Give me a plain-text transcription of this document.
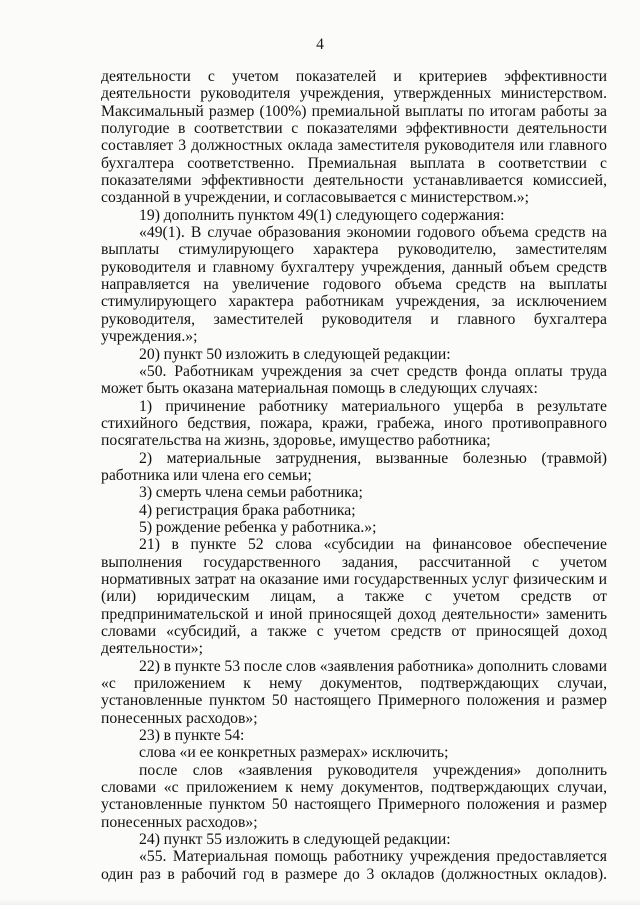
4

деятельности с учетом показателей и критериев эффективности деятельности руководителя учреждения, утвержденных министерством. Максимальный размер (100%) премиальной выплаты по итогам работы за полугодие в соответствии с показателями эффективности деятельности составляет 3 должностных оклада заместителя руководителя или главного бухгалтера соответственно. Премиальная выплата в соответствии с показателями эффективности деятельности устанавливается комиссией, созданной в учреждении, и согласовывается с министерством.»;

19) дополнить пунктом 49(1) следующего содержания:

«49(1). В случае образования экономии годового объема средств на выплаты стимулирующего характера руководителю, заместителям руководителя и главному бухгалтеру учреждения, данный объем средств направляется на увеличение годового объема средств на выплаты стимулирующего характера работникам учреждения, за исключением руководителя, заместителей руководителя и главного бухгалтера учреждения.»;

20) пункт 50 изложить в следующей редакции:

«50. Работникам учреждения за счет средств фонда оплаты труда может быть оказана материальная помощь в следующих случаях:

1) причинение работнику материального ущерба в результате стихийного бедствия, пожара, кражи, грабежа, иного противоправного посягательства на жизнь, здоровье, имущество работника;

2) материальные затруднения, вызванные болезнью (травмой) работника или члена его семьи;

3) смерть члена семьи работника;

4) регистрация брака работника;

5) рождение ребенка у работника.»;

21) в пункте 52 слова «субсидии на финансовое обеспечение выполнения государственного задания, рассчитанной с учетом нормативных затрат на оказание ими государственных услуг физическим и (или) юридическим лицам, а также с учетом средств от предпринимательской и иной приносящей доход деятельности» заменить словами «субсидий, а также с учетом средств от приносящей доход деятельности»;

22) в пункте 53 после слов «заявления работника» дополнить словами «с приложением к нему документов, подтверждающих случаи, установленные пунктом 50 настоящего Примерного положения и размер понесенных расходов»;

23) в пункте 54:

слова «и ее конкретных размерах» исключить;

после слов «заявления руководителя учреждения» дополнить словами «с приложением к нему документов, подтверждающих случаи, установленные пунктом 50 настоящего Примерного положения и размер понесенных расходов»;

24) пункт 55 изложить в следующей редакции:

«55. Материальная помощь работнику учреждения предоставляется один раз в рабочий год в размере до 3 окладов (должностных окладов).
